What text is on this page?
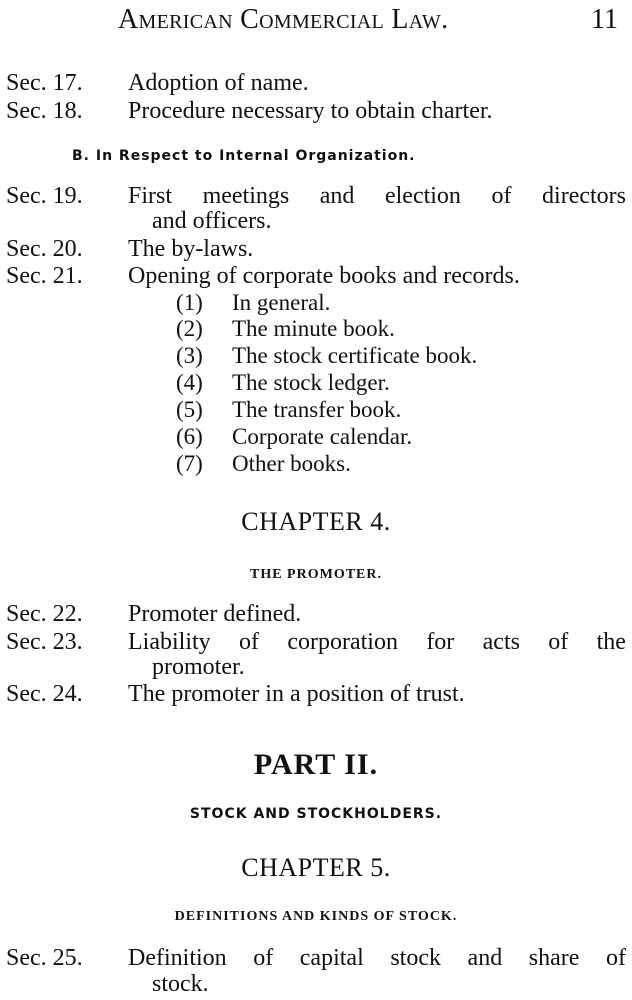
American Commercial Law.	11
Sec. 17. Adoption of name.
Sec. 18. Procedure necessary to obtain charter.
B. In Respect to Internal Organization.
Sec. 19. First meetings and election of directors
and officers.
Sec. 20. The by-laws.
Sec. 21. Opening of corporate books and records.
(1) In general.
(2) The minute book.
(3) The stock certificate book.
(4) The stock ledger.
(5) The transfer book.
(6) Corporate calendar.
(7) Other books.
CHAPTER 4.
THE PROMOTER.
Sec. 22. Promoter defined.
Sec. 23. Liability of corporation for acts of the
promoter.
Sec. 24. The promoter in a position of trust.
PART II.
STOCK AND STOCKHOLDERS.
CHAPTER 5.
DEFINITIONS AND KINDS OF STOCK.
Sec. 25. Definition of capital stock and share of
stock.
